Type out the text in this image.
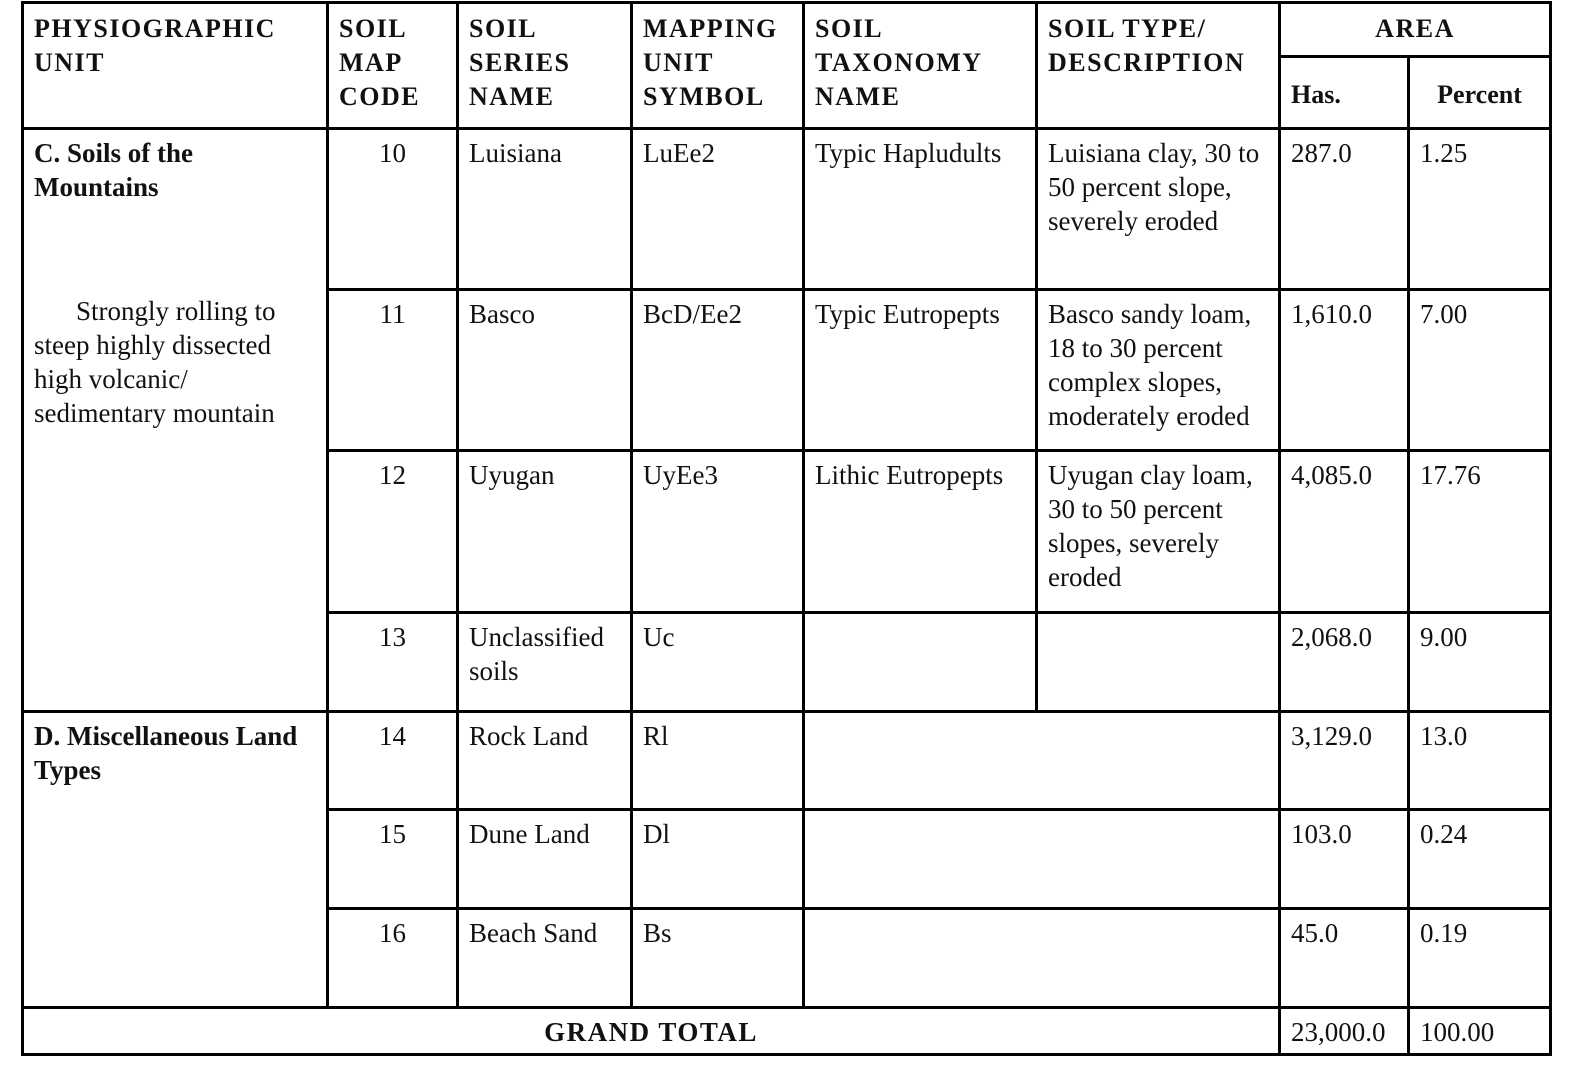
PHYSIOGRAPHIC UNIT	SOIL MAP CODE	SOIL SERIES NAME	MAPPING UNIT SYMBOL	SOIL TAXONOMY NAME	SOIL TYPE/ DESCRIPTION	AREA	
						Has.	Percent
C. Soils of the Mountains
Strongly rolling to steep highly dissected high volcanic/ sedimentary mountain	10	Luisiana	LuEe2	Typic Hapludults	Luisiana clay, 30 to 50 percent slope, severely eroded	287.0	1.25
	11	Basco	BcD/Ee2	Typic Eutropepts	Basco sandy loam, 18 to 30 percent complex slopes, moderately eroded	1,610.0	7.00
	12	Uyugan	UyEe3	Lithic Eutropepts	Uyugan clay loam, 30 to 50 percent slopes, severely eroded	4,085.0	17.76
	13	Unclassified soils	Uc			2,068.0	9.00
D. Miscellaneous Land Types	14	Rock Land	Rl			3,129.0	13.0
	15	Dune Land	Dl			103.0	0.24
	16	Beach Sand	Bs			45.0	0.19
GRAND TOTAL						23,000.0	100.00
